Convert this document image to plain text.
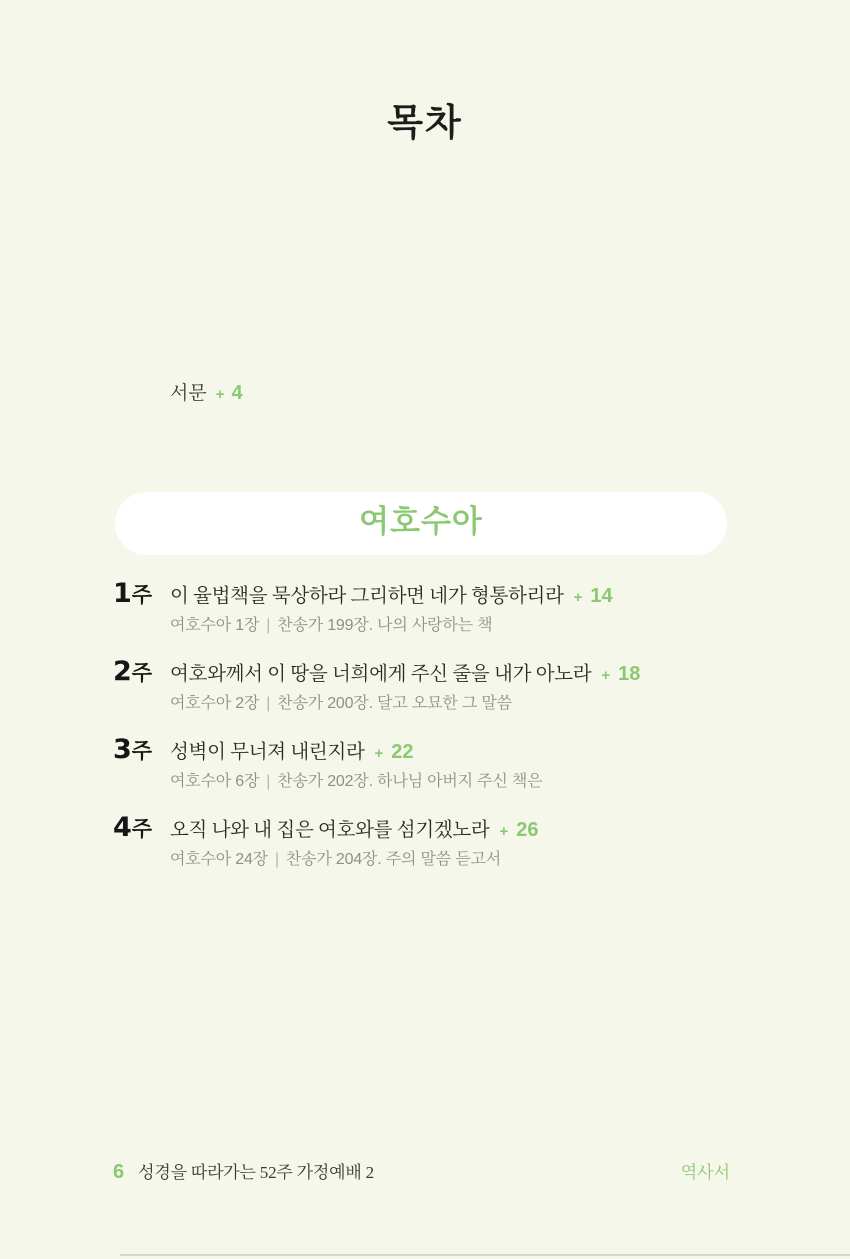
목차
서문 + 4
여호수아
1주 이 율법책을 묵상하라 그리하면 네가 형통하리라 + 14
여호수아 1장 | 찬송가 199장. 나의 사랑하는 책
2주 여호와께서 이 땅을 너희에게 주신 줄을 내가 아노라 + 18
여호수아 2장 | 찬송가 200장. 달고 오묘한 그 말씀
3주 성벽이 무너져 내린지라 + 22
여호수아 6장 | 찬송가 202장. 하나님 아버지 주신 책은
4주 오직 나와 내 집은 여호와를 섬기겠노라 + 26
여호수아 24장 | 찬송가 204장. 주의 말씀 듣고서
6 성경을 따라가는 52주 가정예배 2	역사서
